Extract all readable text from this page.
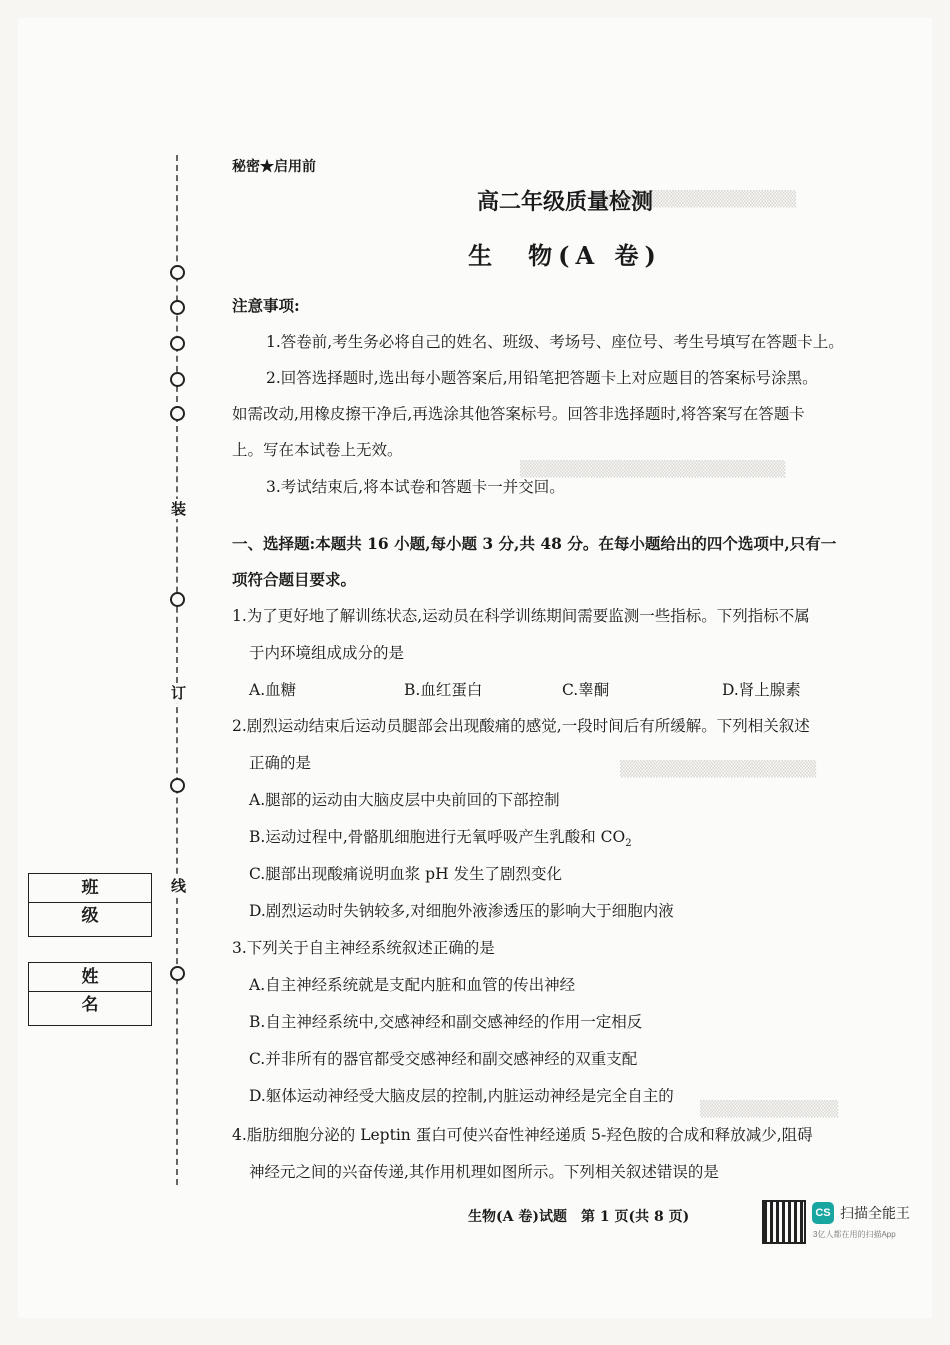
▒▒▒▒▒▒▒▒▒▒▒▒▒▒▒▒▒
▒▒▒▒▒▒▒▒▒▒▒▒▒▒▒▒▒▒▒▒▒▒▒
▒▒▒▒▒▒▒▒▒▒▒▒▒▒▒▒▒
▒▒▒▒▒▒▒▒▒▒▒▒
装
订
线
班　级
姓　名
秘密★启用前
高二年级质量检测
生　物(A 卷)
注意事项:
1.答卷前,考生务必将自己的姓名、班级、考场号、座位号、考生号填写在答题卡上。
2.回答选择题时,选出每小题答案后,用铅笔把答题卡上对应题目的答案标号涂黑。
如需改动,用橡皮擦干净后,再选涂其他答案标号。回答非选择题时,将答案写在答题卡
上。写在本试卷上无效。
3.考试结束后,将本试卷和答题卡一并交回。
一、选择题:本题共 16 小题,每小题 3 分,共 48 分。在每小题给出的四个选项中,只有一
项符合题目要求。
1.为了更好地了解训练状态,运动员在科学训练期间需要监测一些指标。下列指标不属
于内环境组成成分的是
A.血糖	B.血红蛋白	C.睾酮	D.肾上腺素
2.剧烈运动结束后运动员腿部会出现酸痛的感觉,一段时间后有所缓解。下列相关叙述
正确的是
A.腿部的运动由大脑皮层中央前回的下部控制
B.运动过程中,骨骼肌细胞进行无氧呼吸产生乳酸和 $CO_2$
C.腿部出现酸痛说明血浆 pH 发生了剧烈变化
D.剧烈运动时失钠较多,对细胞外液渗透压的影响大于细胞内液
3.下列关于自主神经系统叙述正确的是
A.自主神经系统就是支配内脏和血管的传出神经
B.自主神经系统中,交感神经和副交感神经的作用一定相反
C.并非所有的器官都受交感神经和副交感神经的双重支配
D.躯体运动神经受大脑皮层的控制,内脏运动神经是完全自主的
4.脂肪细胞分泌的 Leptin 蛋白可使兴奋性神经递质 5-羟色胺的合成和释放减少,阻碍
神经元之间的兴奋传递,其作用机理如图所示。下列相关叙述错误的是
生物(A 卷)试题　第 1 页(共 8 页)	CS 扫描全能王
3亿人都在用的扫描App
